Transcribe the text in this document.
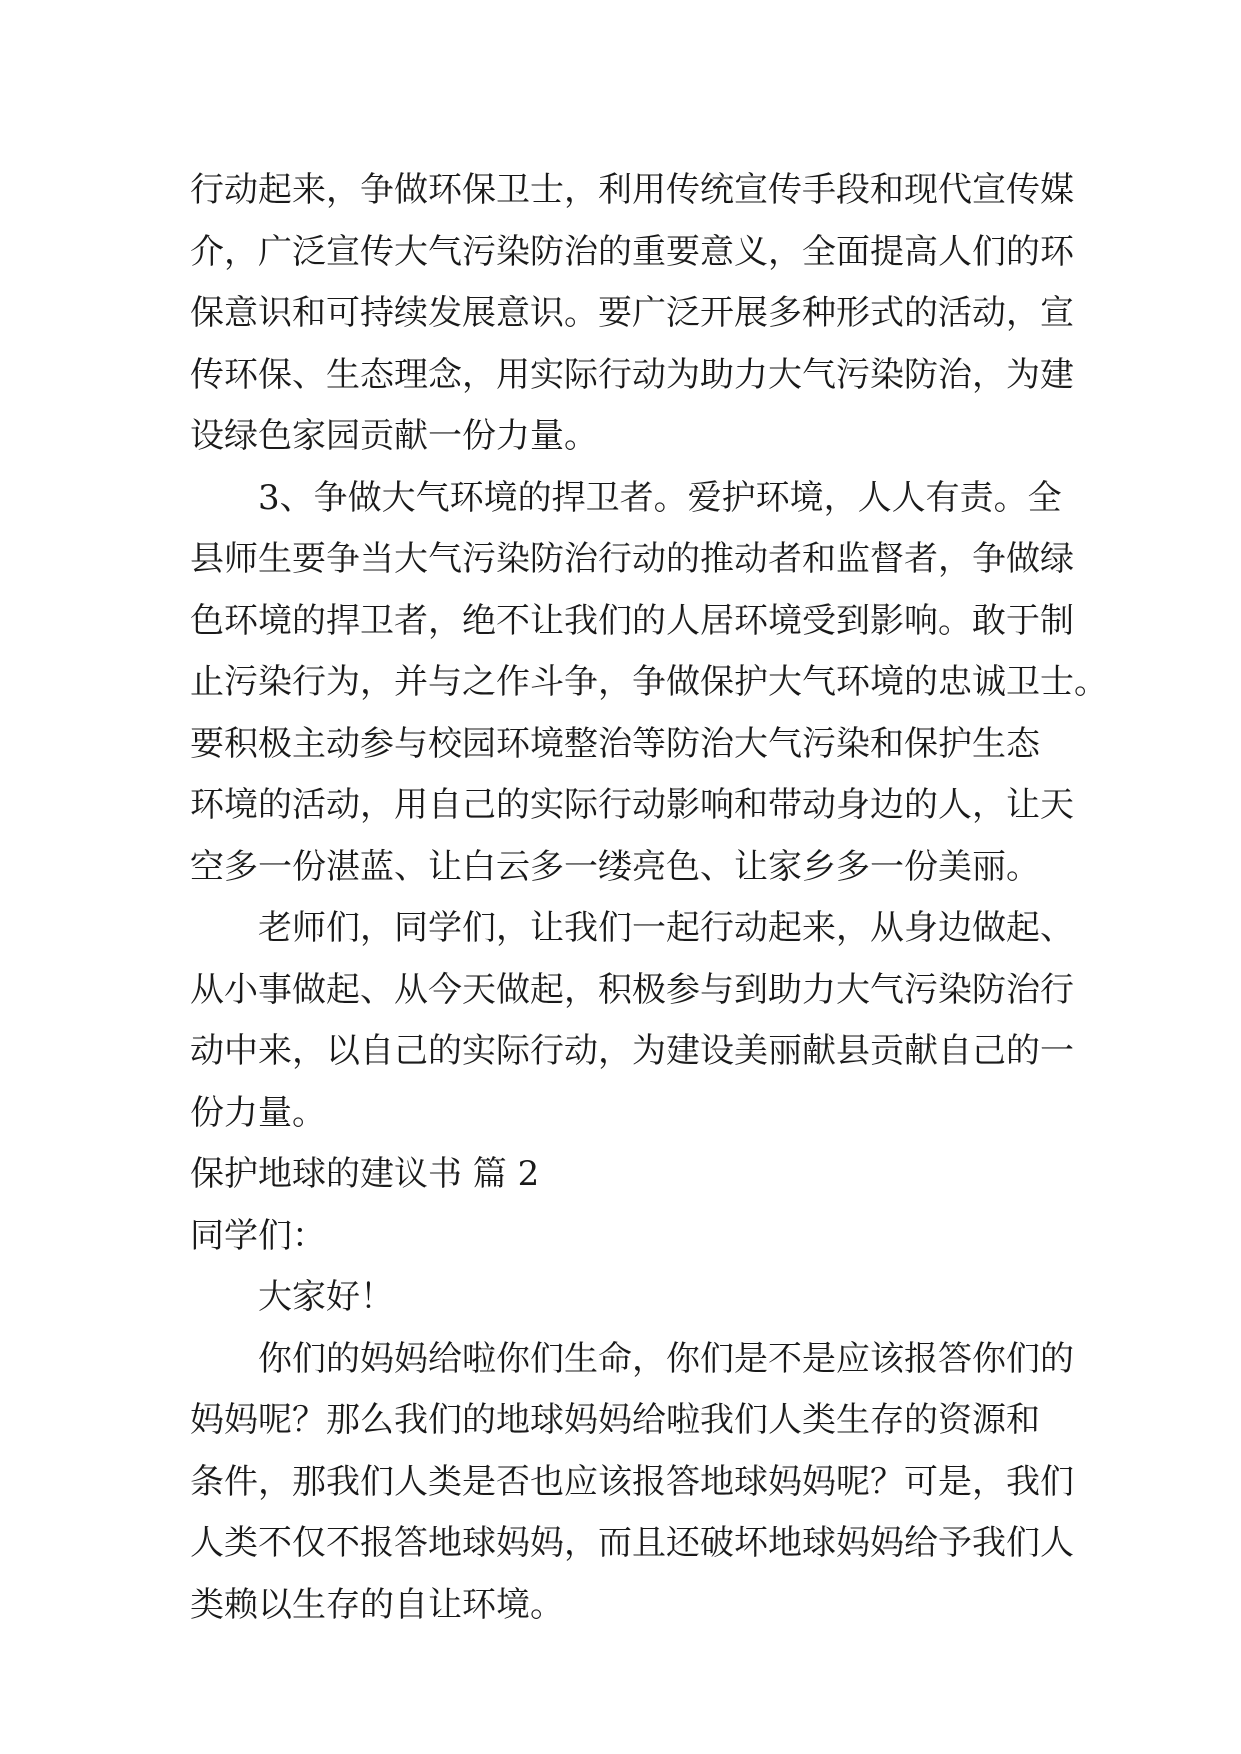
行动起来，争做环保卫士，利用传统宣传手段和现代宣传媒
介，广泛宣传大气污染防治的重要意义，全面提高人们的环
保意识和可持续发展意识。要广泛开展多种形式的活动，宣
传环保、生态理念，用实际行动为助力大气污染防治，为建
设绿色家园贡献一份力量。
3、争做大气环境的捍卫者。爱护环境，人人有责。全
县师生要争当大气污染防治行动的推动者和监督者，争做绿
色环境的捍卫者，绝不让我们的人居环境受到影响。敢于制
止污染行为，并与之作斗争，争做保护大气环境的忠诚卫士。
要积极主动参与校园环境整治等防治大气污染和保护生态
环境的活动，用自己的实际行动影响和带动身边的人，让天
空多一份湛蓝、让白云多一缕亮色、让家乡多一份美丽。
老师们，同学们，让我们一起行动起来，从身边做起、
从小事做起、从今天做起，积极参与到助力大气污染防治行
动中来，以自己的实际行动，为建设美丽献县贡献自己的一
份力量。
保护地球的建议书 篇 2
同学们：
大家好！
你们的妈妈给啦你们生命，你们是不是应该报答你们的
妈妈呢？那么我们的地球妈妈给啦我们人类生存的资源和
条件，那我们人类是否也应该报答地球妈妈呢？可是，我们
人类不仅不报答地球妈妈，而且还破坏地球妈妈给予我们人
类赖以生存的自让环境。
